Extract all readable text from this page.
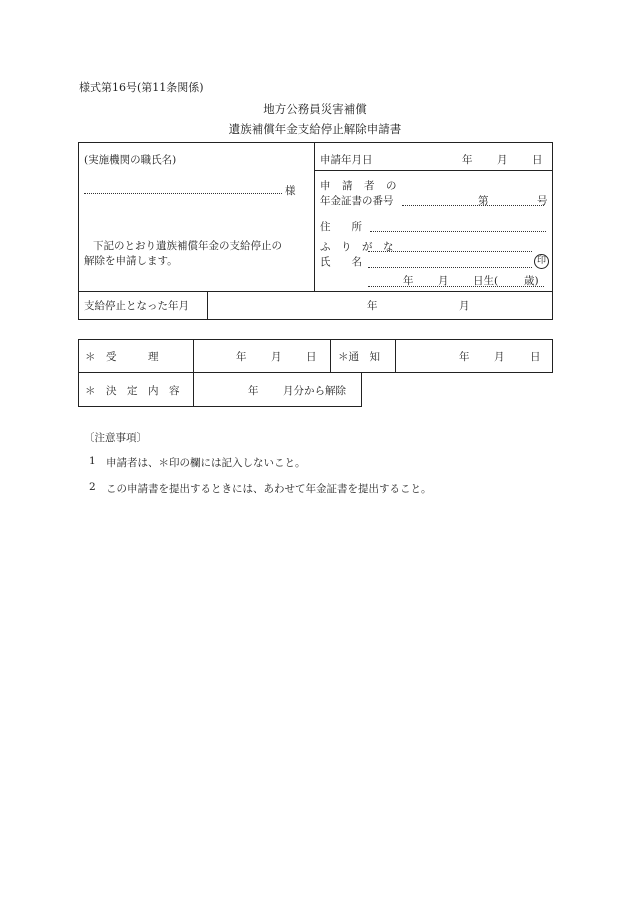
様式第16号(第11条関係)
地方公務員災害補償
遺族補償年金支給停止解除申請書
(実施機関の職氏名)
様
下記のとおり遺族補償年金の支給停止の
解除を申請します。
申請年月日	年 月 日
申　請　者　の
年金証書の番号	第	号
住　　所
ふ　り　が　な
氏　　名	印
年 月 日生( 歳)
支給停止となった年月	年	月
＊　受　　　理	年 月 日 ＊通　知	年 月 日
＊　決　定　内　容	年 月分から解除
〔注意事項〕
1 申請者は、＊印の欄には記入しないこと。
2 この申請書を提出するときには、あわせて年金証書を提出すること。
